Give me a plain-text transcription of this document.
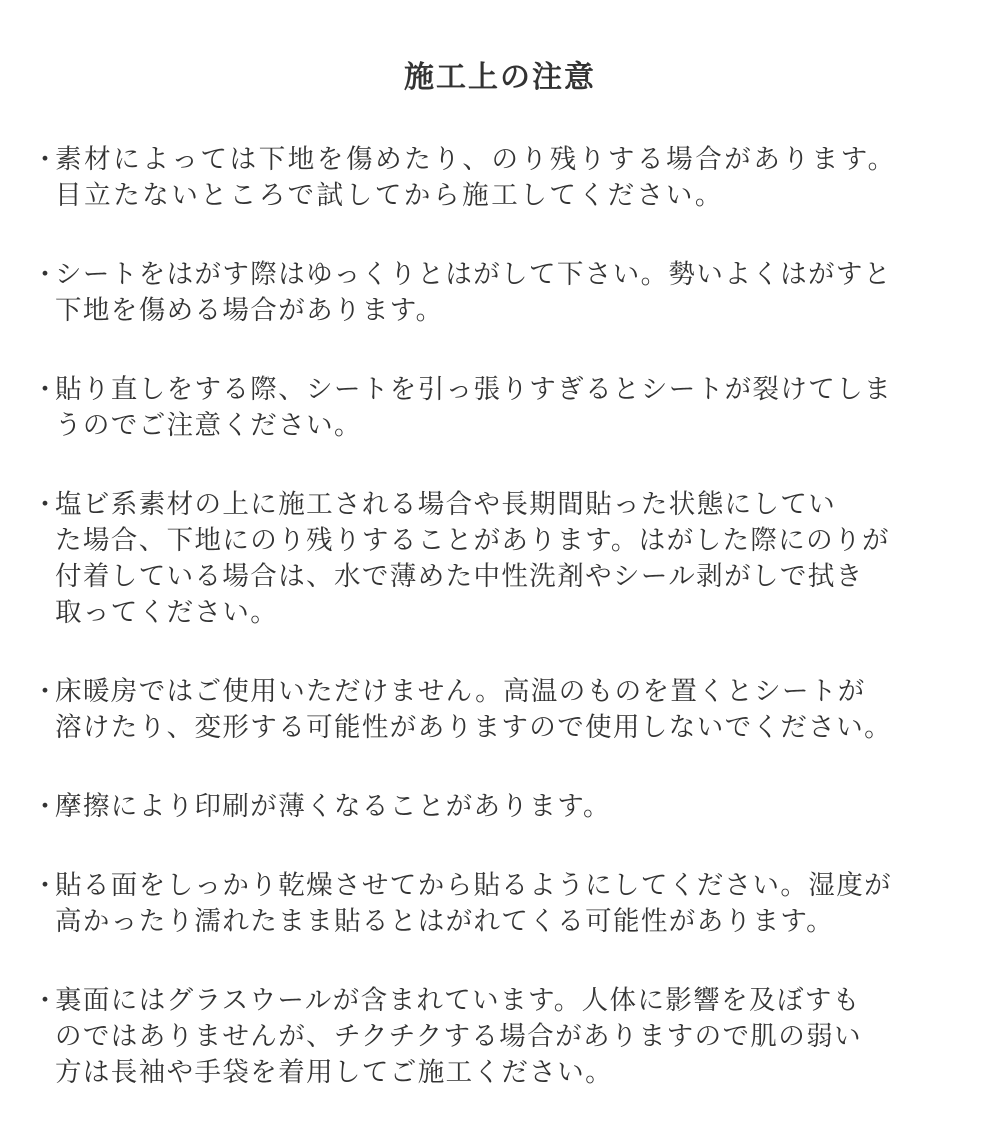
施工上の注意
・
素材によっては下地を傷めたり、のり残りする場合があります。
目立たないところで試してから施工してください。
・
シートをはがす際はゆっくりとはがして下さい。勢いよくはがすと
下地を傷める場合があります。
・
貼り直しをする際、シートを引っ張りすぎるとシートが裂けてしま
うのでご注意ください。
・
塩ビ系素材の上に施工される場合や長期間貼った状態にしてい
た場合、下地にのり残りすることがあります。はがした際にのりが
付着している場合は、水で薄めた中性洗剤やシール剥がしで拭き
取ってください。
・
床暖房ではご使用いただけません。高温のものを置くとシートが
溶けたり、変形する可能性がありますので使用しないでください。
・
摩擦により印刷が薄くなることがあります。
・
貼る面をしっかり乾燥させてから貼るようにしてください。湿度が
高かったり濡れたまま貼るとはがれてくる可能性があります。
・
裏面にはグラスウールが含まれています。人体に影響を及ぼすも
のではありませんが、チクチクする場合がありますので肌の弱い
方は長袖や手袋を着用してご施工ください。
